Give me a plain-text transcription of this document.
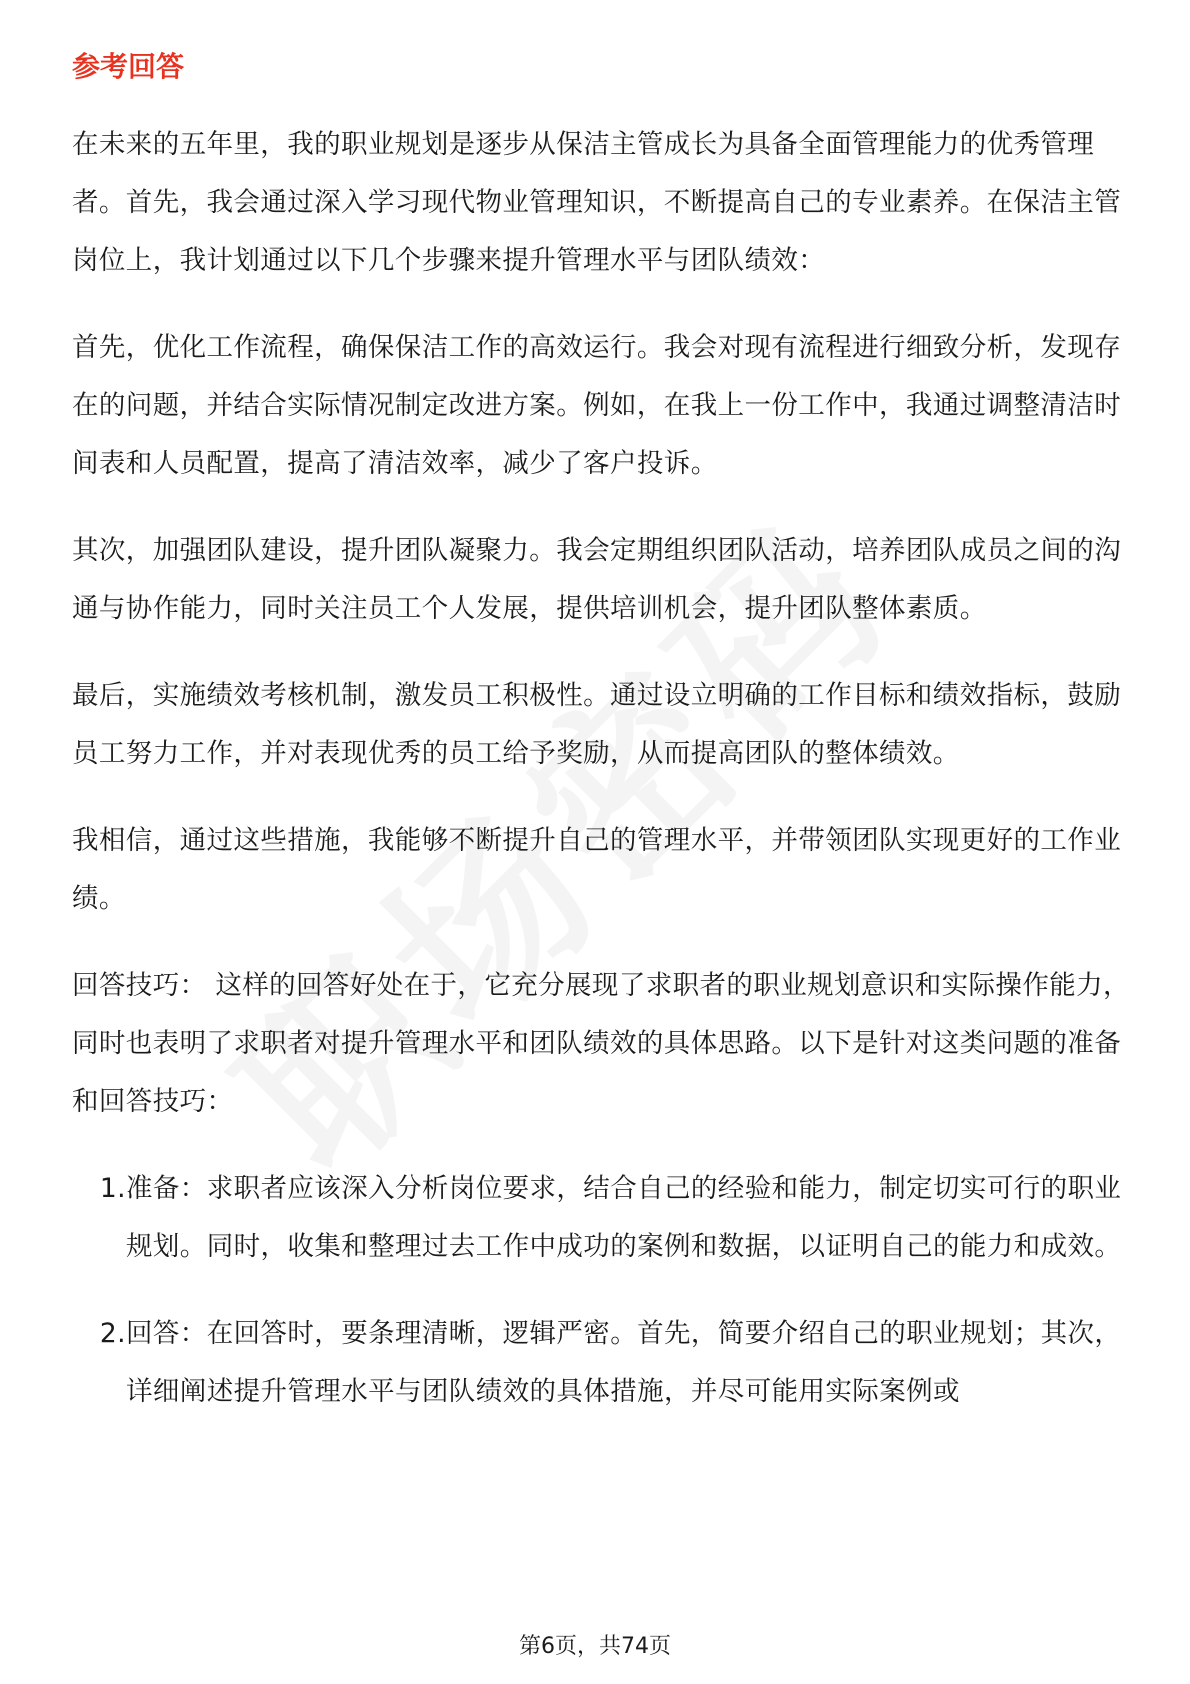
参考回答

在未来的五年里，我的职业规划是逐步从保洁主管成长为具备全面管理能力的优秀管理者。首先，我会通过深入学习现代物业管理知识，不断提高自己的专业素养。在保洁主管岗位上，我计划通过以下几个步骤来提升管理水平与团队绩效：

首先，优化工作流程，确保保洁工作的高效运行。我会对现有流程进行细致分析，发现存在的问题，并结合实际情况制定改进方案。例如，在我上一份工作中，我通过调整清洁时间表和人员配置，提高了清洁效率，减少了客户投诉。

其次，加强团队建设，提升团队凝聚力。我会定期组织团队活动，培养团队成员之间的沟通与协作能力，同时关注员工个人发展，提供培训机会，提升团队整体素质。

最后，实施绩效考核机制，激发员工积极性。通过设立明确的工作目标和绩效指标，鼓励员工努力工作，并对表现优秀的员工给予奖励，从而提高团队的整体绩效。

我相信，通过这些措施，我能够不断提升自己的管理水平，并带领团队实现更好的工作业绩。

回答技巧： 这样的回答好处在于，它充分展现了求职者的职业规划意识和实际操作能力，同时也表明了求职者对提升管理水平和团队绩效的具体思路。以下是针对这类问题的准备和回答技巧：

1. 准备：求职者应该深入分析岗位要求，结合自己的经验和能力，制定切实可行的职业规划。同时，收集和整理过去工作中成功的案例和数据，以证明自己的能力和成效。
2. 回答：在回答时，要条理清晰，逻辑严密。首先，简要介绍自己的职业规划；其次，详细阐述提升管理水平与团队绩效的具体措施，并尽可能用实际案例或
第6页，共74页
